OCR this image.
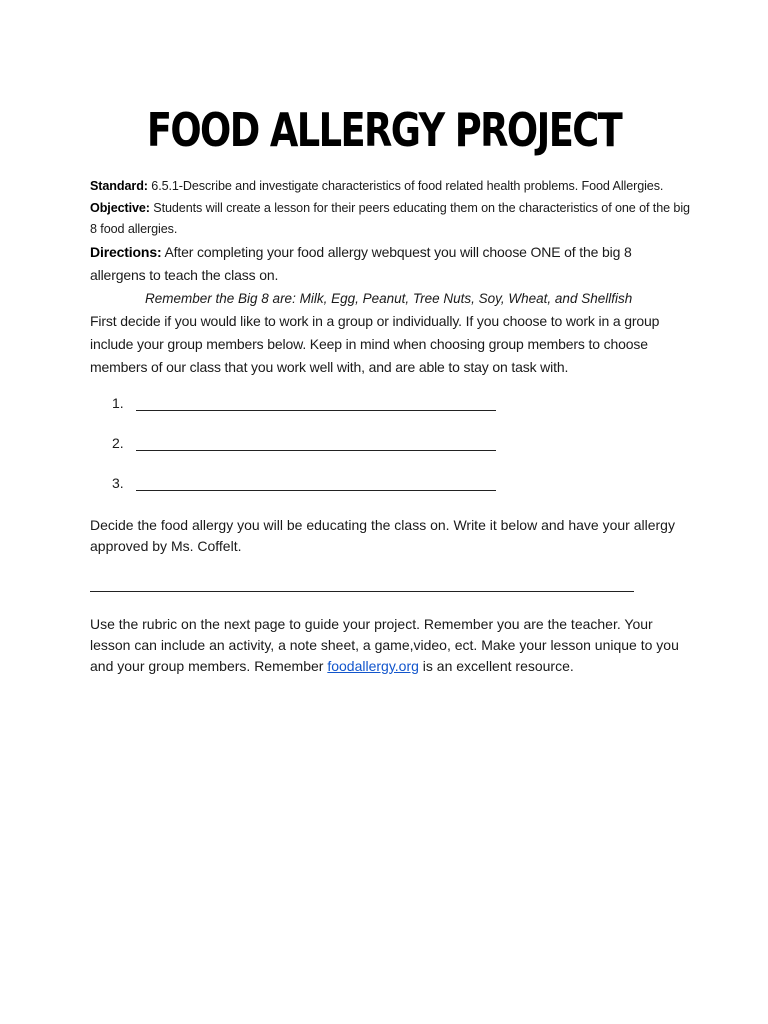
FOOD ALLERGY PROJECT
Standard: 6.5.1-Describe and investigate characteristics of food related health problems. Food Allergies.
Objective: Students will create a lesson for their peers educating them on the characteristics of one of the big 8 food allergies.
Directions: After completing your food allergy webquest you will choose ONE of the big 8 allergens to teach the class on.
Remember the Big 8 are: Milk, Egg, Peanut, Tree Nuts, Soy, Wheat, and Shellfish
First decide if you would like to work in a group or individually. If you choose to work in a group include your group members below. Keep in mind when choosing group members to choose members of our class that you work well with, and are able to stay on task with.
1.
2.
3.
Decide the food allergy you will be educating the class on. Write it below and have your allergy approved by Ms. Coffelt.
Use the rubric on the next page to guide your project. Remember you are the teacher. Your lesson can include an activity, a note sheet, a game,video, ect. Make your lesson unique to you and your group members. Remember foodallergy.org is an excellent resource.
